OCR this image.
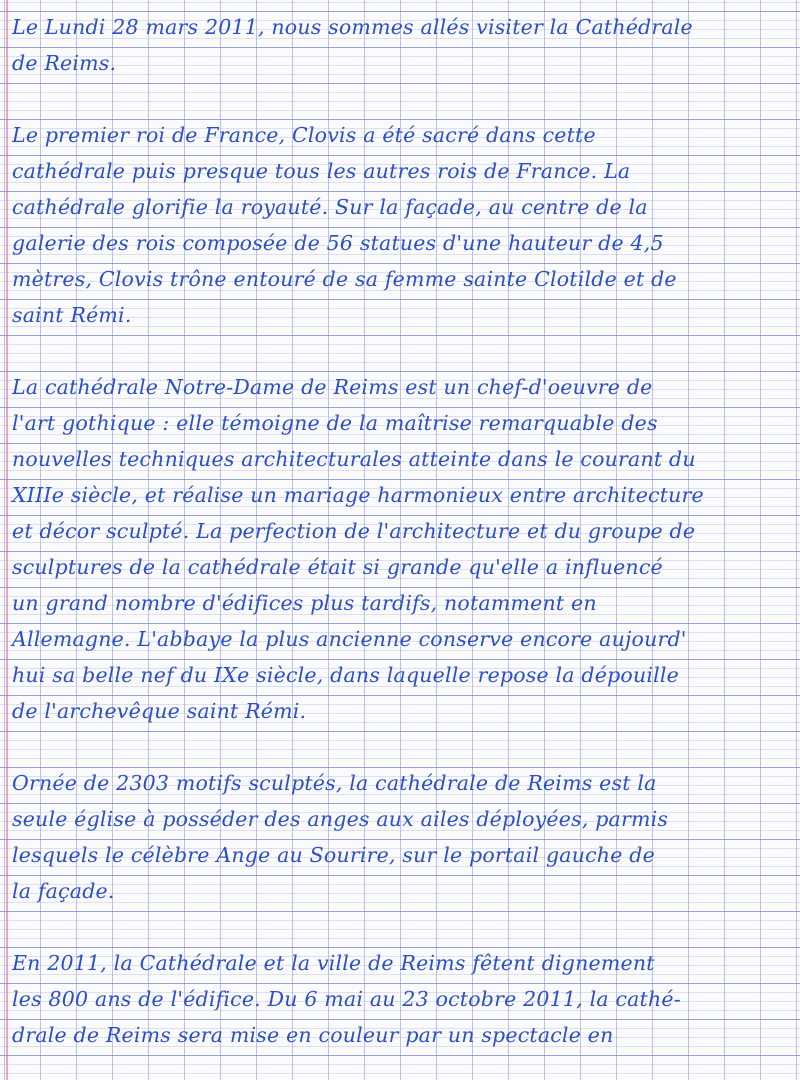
Le Lundi 28 mars 2011, nous sommes allés visiter la Cathédrale
de Reims.
Le premier roi de France, Clovis a été sacré dans cette
cathédrale puis presque tous les autres rois de France. La
cathédrale glorifie la royauté. Sur la façade, au centre de la
galerie des rois composée de 56 statues d'une hauteur de 4,5
mètres, Clovis trône entouré de sa femme sainte Clotilde et de
saint Rémi.
La cathédrale Notre-Dame de Reims est un chef-d'oeuvre de
l'art gothique : elle témoigne de la maîtrise remarquable des
nouvelles techniques architecturales atteinte dans le courant du
XIIIe siècle, et réalise un mariage harmonieux entre architecture
et décor sculpté. La perfection de l'architecture et du groupe de
sculptures de la cathédrale était si grande qu'elle a influencé
un grand nombre d'édifices plus tardifs, notamment en
Allemagne. L'abbaye la plus ancienne conserve encore aujourd'
hui sa belle nef du IXe siècle, dans laquelle repose la dépouille
de l'archevêque saint Rémi.
Ornée de 2303 motifs sculptés, la cathédrale de Reims est la
seule église à posséder des anges aux ailes déployées, parmis
lesquels le célèbre Ange au Sourire, sur le portail gauche de
la façade.
En 2011, la Cathédrale et la ville de Reims fêtent dignement
les 800 ans de l'édifice. Du 6 mai au 23 octobre 2011, la cathé-
drale de Reims sera mise en couleur par un spectacle en
